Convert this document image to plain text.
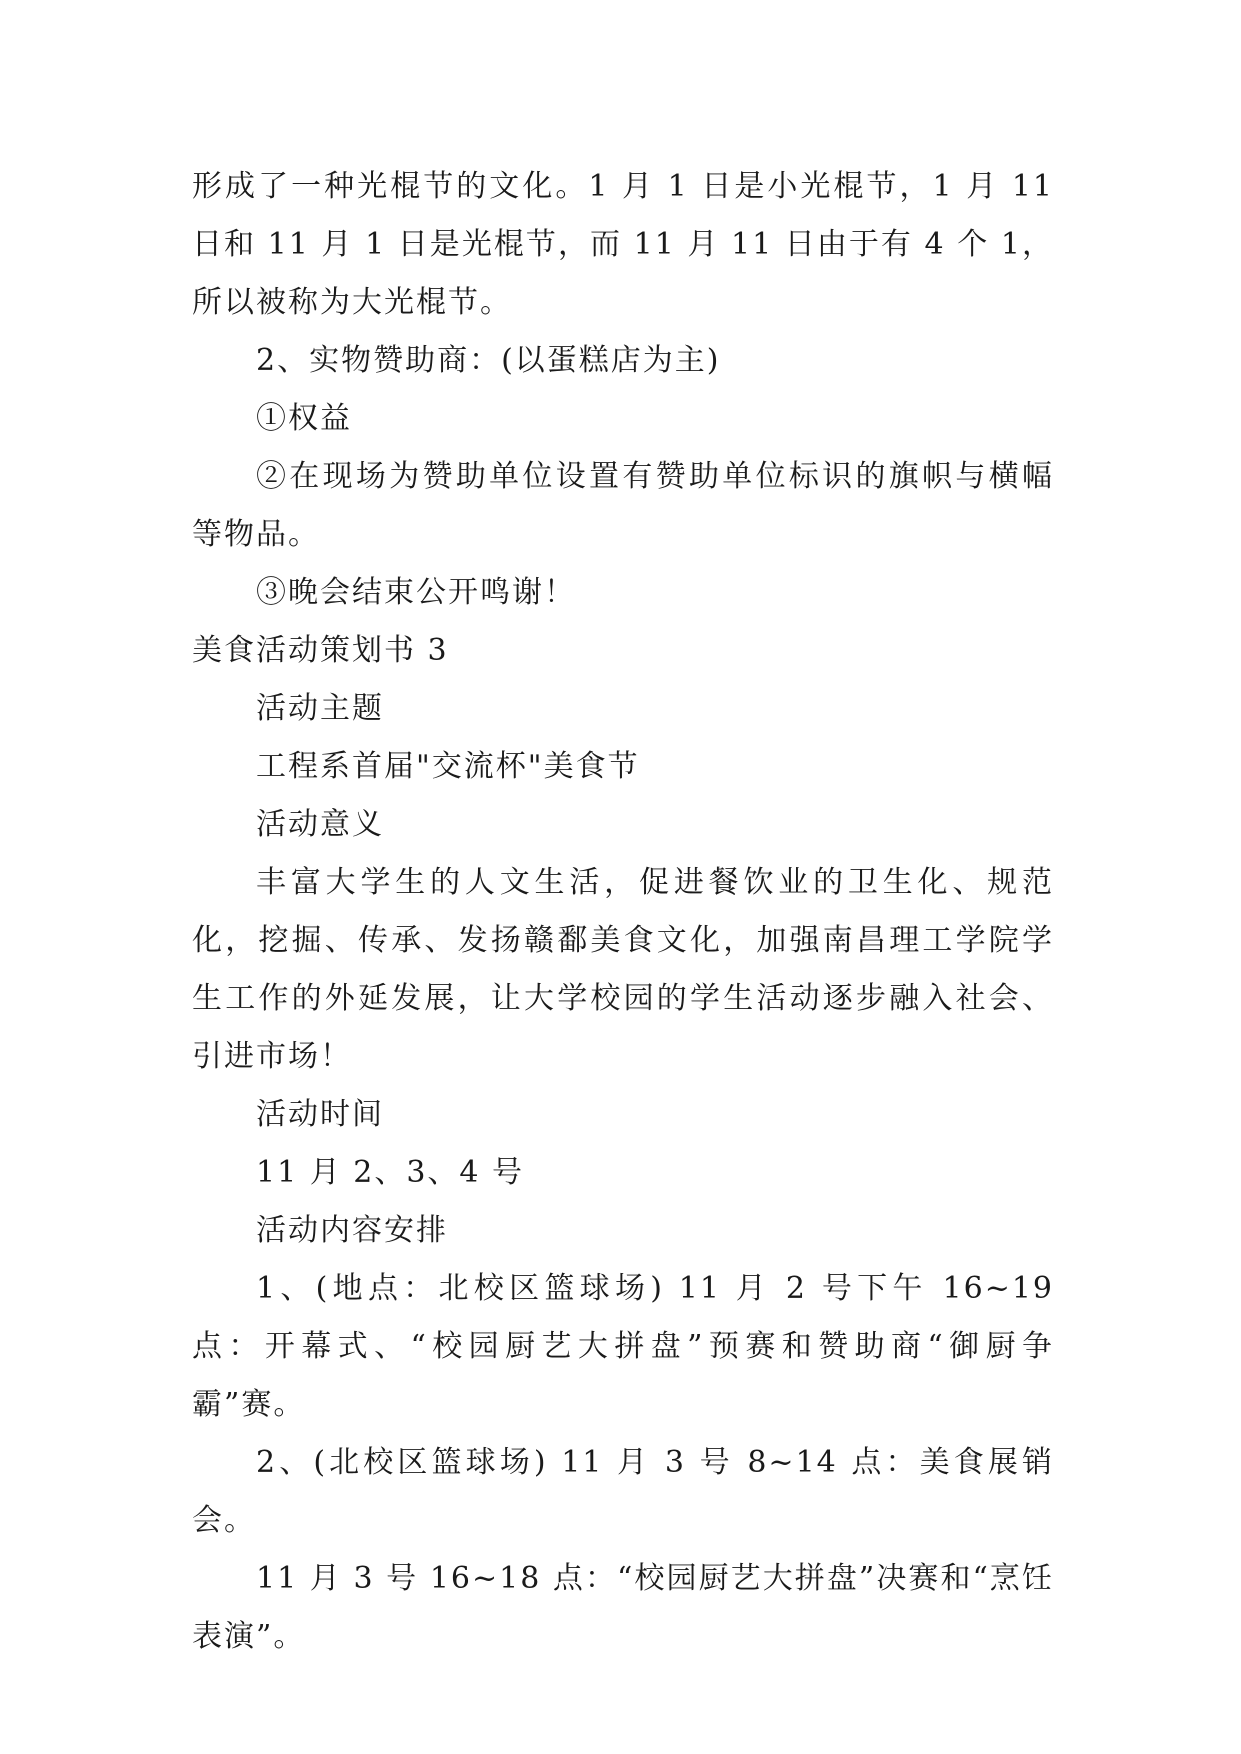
形成了一种光棍节的文化。1 月 1 日是小光棍节，1 月 11 日和 11 月 1 日是光棍节，而 11 月 11 日由于有 4 个 1，所以被称为大光棍节。

2、实物赞助商：(以蛋糕店为主)

①权益

②在现场为赞助单位设置有赞助单位标识的旗帜与横幅等物品。

③晚会结束公开鸣谢！

美食活动策划书 3

活动主题

工程系首届"交流杯"美食节

活动意义

丰富大学生的人文生活，促进餐饮业的卫生化、规范化，挖掘、传承、发扬赣鄱美食文化，加强南昌理工学院学生工作的外延发展，让大学校园的学生活动逐步融入社会、引进市场！

活动时间

11 月 2、3、4 号

活动内容安排

1、(地点：北校区篮球场) 11 月 2 号下午 16~19 点：开幕式、“校园厨艺大拼盘”预赛和赞助商“御厨争霸”赛。

2、(北校区篮球场) 11 月 3 号 8~14 点：美食展销会。

11 月 3 号 16~18 点：“校园厨艺大拼盘”决赛和“烹饪表演”。
